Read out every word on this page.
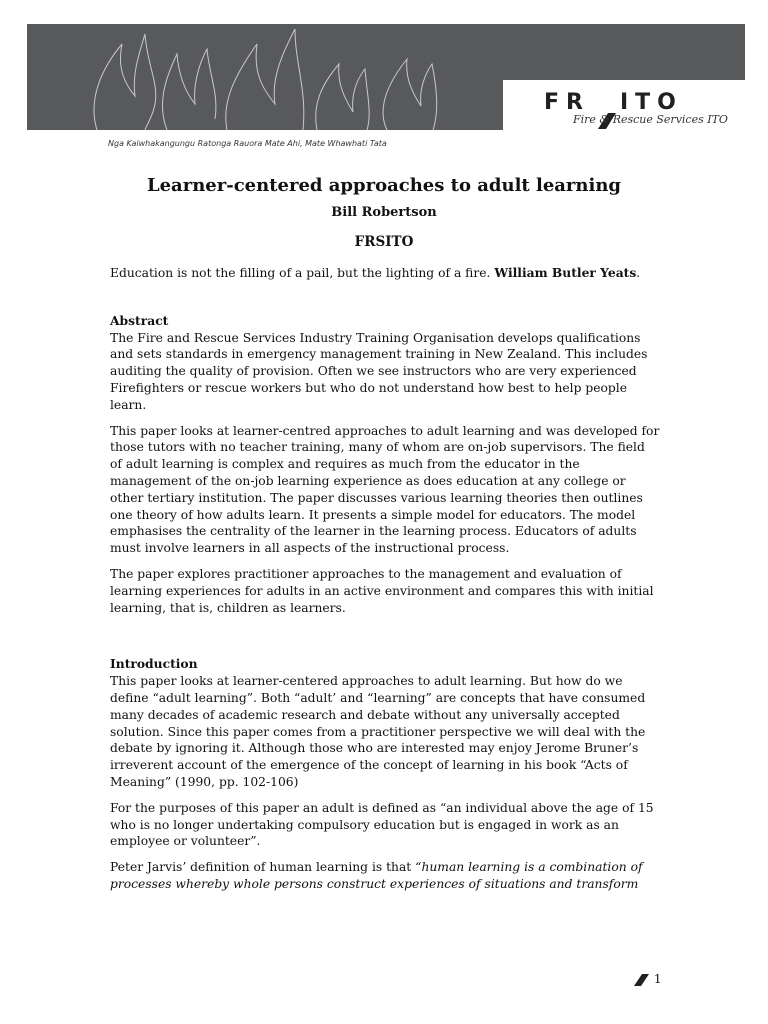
FR ITO
Fire & Rescue Services ITO
Nga Kaiwhakangungu Ratonga Rauora Mate Ahi, Mate Whawhati Tata
Learner-centered approaches to adult learning
Bill Robertson
FRSITO

Education is not the filling of a pail, but the lighting of a fire. William Butler Yeats.

Abstract

The Fire and Rescue Services Industry Training Organisation develops qualifications and sets standards in emergency management training in New Zealand. This includes auditing the quality of provision. Often we see instructors who are very experienced Firefighters or rescue workers but who do not understand how best to help people learn.

This paper looks at learner-centred approaches to adult learning and was developed for those tutors with no teacher training, many of whom are on-job supervisors. The field of adult learning is complex and requires as much from the educator in the management of the on-job learning experience as does education at any college or other tertiary institution. The paper discusses various learning theories then outlines one theory of how adults learn. It presents a simple model for educators. The model emphasises the centrality of the learner in the learning process. Educators of adults must involve learners in all aspects of the instructional process.

The paper explores practitioner approaches to the management and evaluation of learning experiences for adults in an active environment and compares this with initial learning, that is, children as learners.

Introduction

This paper looks at learner-centered approaches to adult learning. But how do we define “adult learning”. Both “adult’ and “learning” are concepts that have consumed many decades of academic research and debate without any universally accepted solution. Since this paper comes from a practitioner perspective we will deal with the debate by ignoring it. Although those who are interested may enjoy Jerome Bruner’s irreverent account of the emergence of the concept of learning in his book “Acts of Meaning” (1990, pp. 102-106)

For the purposes of this paper an adult is defined as “an individual above the age of 15 who is no longer undertaking compulsory education but is engaged in work as an employee or volunteer”.

Peter Jarvis’ definition of human learning is that “human learning is a combination of processes whereby whole persons construct experiences of situations and transform

1
